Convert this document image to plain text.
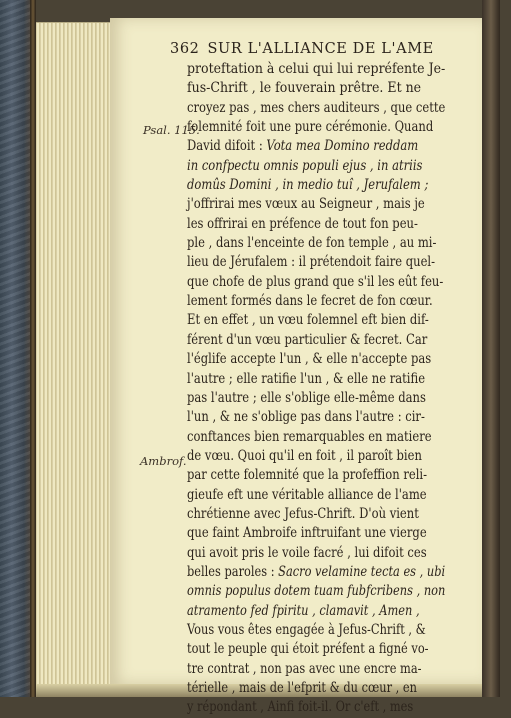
362 SUR L'ALLIANCE DE L'AME
Psal. 115.
Ambrof.
proteftation à celui qui lui repréfente Je-
fus-Chrift , le fouverain prêtre. Et ne
croyez pas , mes chers auditeurs , que cette
folemnité foit une pure cérémonie. Quand
David difoit : Vota mea Domino reddam
in confpectu omnis populi ejus , in atriis
domûs Domini , in medio tuî , Jerufalem ;
j'offrirai mes vœux au Seigneur , mais je
les offrirai en préfence de tout fon peu-
ple , dans l'enceinte de fon temple , au mi-
lieu de Jérufalem : il prétendoit faire quel-
que chofe de plus grand que s'il les eût feu-
lement formés dans le fecret de fon cœur.
Et en effet , un vœu folemnel eft bien dif-
férent d'un vœu particulier & fecret. Car
l'églife accepte l'un , & elle n'accepte pas
l'autre ; elle ratifie l'un , & elle ne ratifie
pas l'autre ; elle s'oblige elle-même dans
l'un , & ne s'oblige pas dans l'autre : cir-
conftances bien remarquables en matiere
de vœu. Quoi qu'il en foit , il paroît bien
par cette folemnité que la profeffion reli-
gieufe eft une véritable alliance de l'ame
chrétienne avec Jefus-Chrift. D'où vient
que faint Ambroife inftruifant une vierge
qui avoit pris le voile facré , lui difoit ces
belles paroles : Sacro velamine tecta es , ubi
omnis populus dotem tuam fubfcribens , non
atramento fed fpiritu , clamavit , Amen ,
Vous vous êtes engagée à Jefus-Chrift , &
tout le peuple qui étoit préfent a figné vo-
tre contrat , non pas avec une encre ma-
térielle , mais de l'efprit & du cœur , en
y répondant , Ainfi foit-il. Or c'eft , mes
